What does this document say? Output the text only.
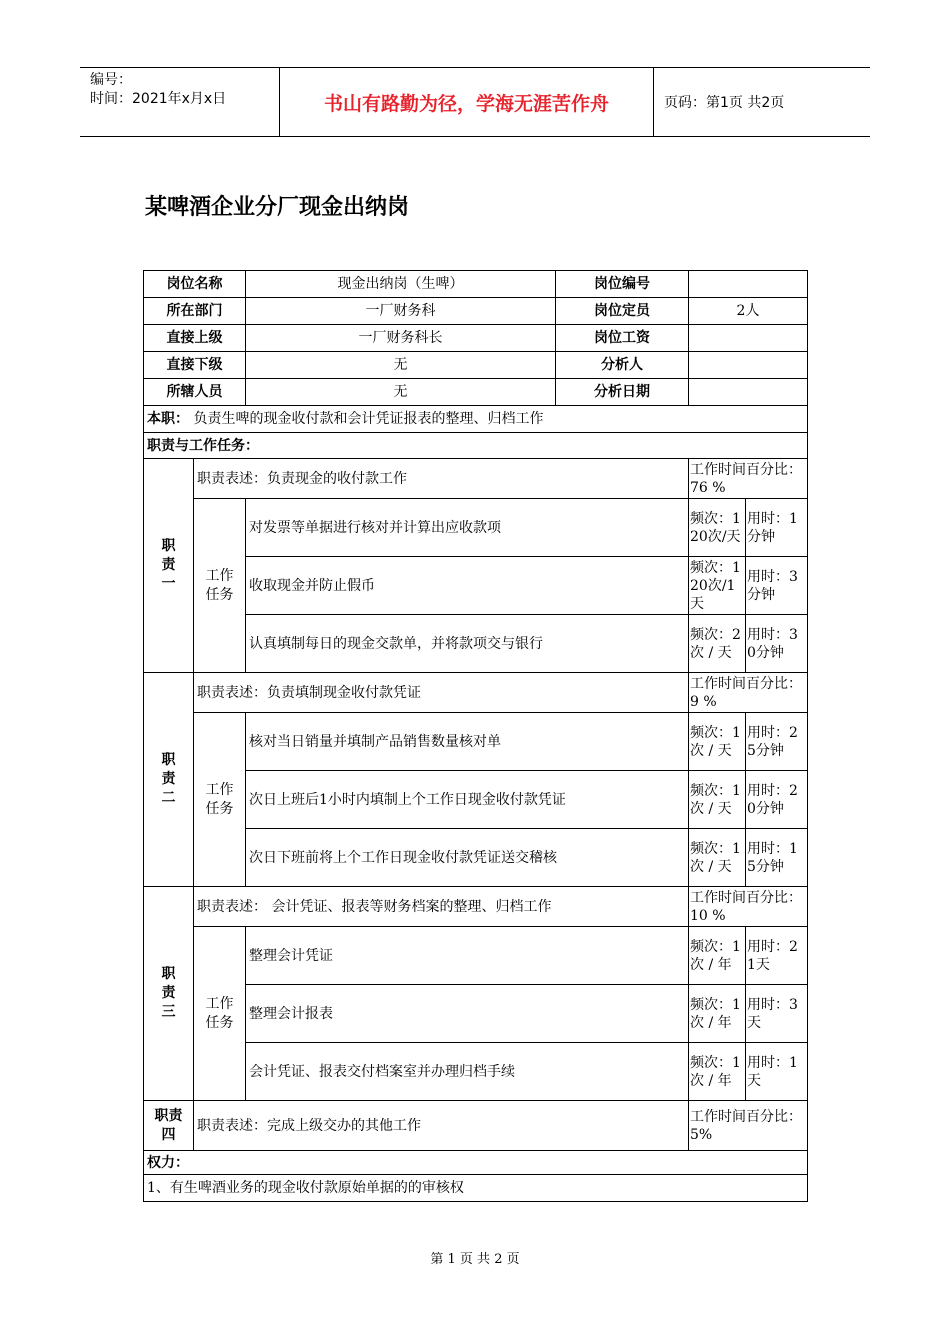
编号：
时间：2021年x月x日	书山有路勤为径，学海无涯苦作舟	页码：第1页 共2页
某啤酒企业分厂现金出纳岗
岗位名称		现金出纳岗（生啤）	岗位编号		
所在部门		一厂财务科	岗位定员	2人	
直接上级		一厂财务科长	岗位工资		
直接下级		无	分析人		
所辖人员		无	分析日期		
本职： 负责生啤的现金收付款和会计凭证报表的整理、归档工作					
职责与工作任务：					

职责一	职责表述：负责现金的收付款工作			工作时间百分比：76 %	

	工作任务	对发票等单据进行核对并计算出应收款项		频次：120次/天	用时：1分钟
		收取现金并防止假币		频次：120次/1天	用时：3分钟
		认真填制每日的现金交款单，并将款项交与银行		频次：2 次 / 天	用时：30分钟

职责二	职责表述：负责填制现金收付款凭证			工作时间百分比：9 %	

	工作任务	核对当日销量并填制产品销售数量核对单		频次：1 次 / 天	用时：25分钟
		次日上班后1小时内填制上个工作日现金收付款凭证		频次：1 次 / 天	用时：20分钟
		次日下班前将上个工作日现金收付款凭证送交稽核		频次：1 次 / 天	用时：15分钟

职责三	职责表述： 会计凭证、报表等财务档案的整理、归档工作			工作时间百分比：10 %	

	工作任务	整理会计凭证		频次：1 次 / 年	用时：21天
		整理会计报表		频次：1 次 / 年	用时：3天
		会计凭证、报表交付档案室并办理归档手续		频次：1 次 / 年	用时：1天

职责四	职责表述：完成上级交办的其他工作			工作时间百分比： 5%	
权力：					
1、有生啤酒业务的现金收付款原始单据的的审核权					
第 1 页 共 2 页
